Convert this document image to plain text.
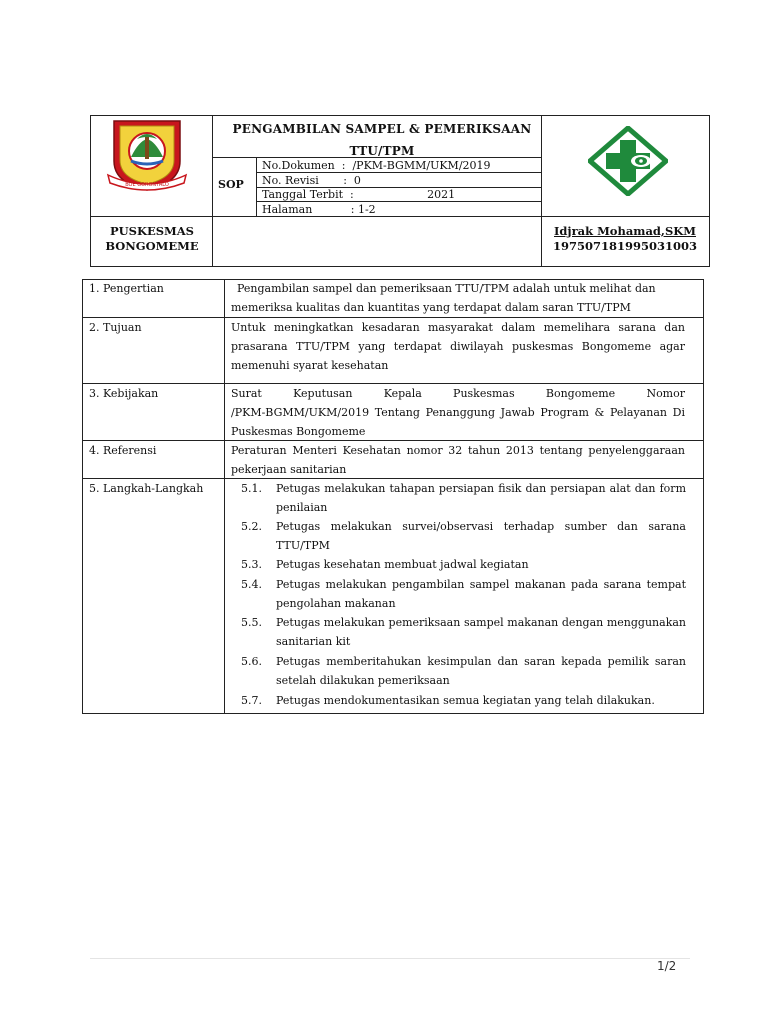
BOE GORONTALO
PENGAMBILAN SAMPEL & PEMERIKSAAN
TTU/TPM
SOP
No.Dokumen  :  /PKM-BGMM/UKM/2019
No. Revisi       :  0
Tanggal Terbit  :                     2021
Halaman           : 1-2
PUSKESMAS
BONGOMEME
Idjrak Mohamad,SKM
197507181995031003
1. Pengertian	Pengambilan sampel dan pemeriksaan TTU/TPM adalah untuk melihat dan
memeriksa kualitas dan kuantitas yang terdapat dalam saran TTU/TPM
2. Tujuan	Untuk meningkatkan kesadaran masyarakat dalam memelihara sarana dan
prasarana TTU/TPM yang terdapat diwilayah puskesmas Bongomeme agar
memenuhi syarat kesehatan
3. Kebijakan	Surat Keputusan Kepala Puskesmas Bongomeme Nomor
/PKM-BGMM/UKM/2019 Tentang Penanggung Jawab Program & Pelayanan Di
Puskesmas Bongomeme
4. Referensi	Peraturan Menteri Kesehatan nomor 32 tahun 2013 tentang penyelenggaraan
pekerjaan sanitarian
5. Langkah-Langkah	5.1. Petugas melakukan tahapan persiapan fisik dan persiapan alat dan form
penilaian
5.2. Petugas melakukan survei/observasi terhadap sumber dan sarana
TTU/TPM
5.3. Petugas kesehatan membuat jadwal kegiatan
5.4. Petugas melakukan pengambilan sampel makanan pada sarana tempat
pengolahan makanan
5.5. Petugas melakukan pemeriksaan sampel makanan dengan menggunakan
sanitarian kit
5.6. Petugas memberitahukan kesimpulan dan saran kepada pemilik saran
setelah dilakukan pemeriksaan
5.7. Petugas mendokumentasikan semua kegiatan yang telah dilakukan.
1/2
